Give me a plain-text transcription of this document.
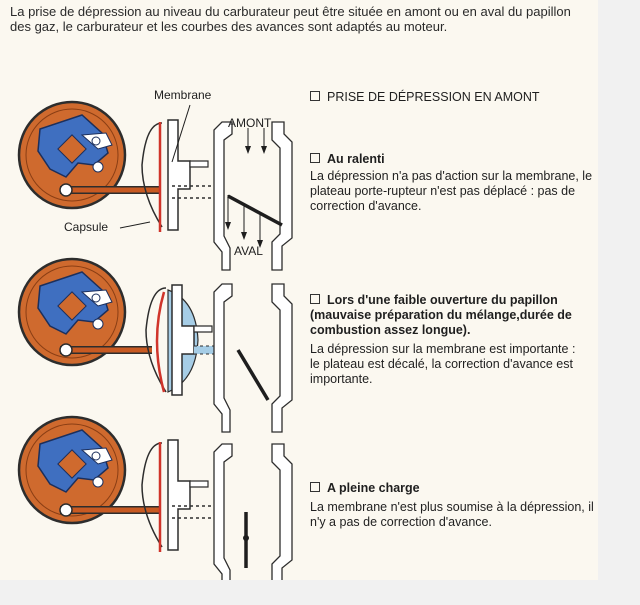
La prise de dépression au niveau du carburateur peut être située en amont ou en aval du papillon des gaz, le carburateur et les courbes des avances sont adaptés au moteur.

Membrane
AMONT
Capsule
AVAL
PRISE DE DÉPRESSION EN AMONT

Au ralenti

La dépression n'a pas d'action sur la membrane, le plateau porte-rupteur n'est pas déplacé : pas de correction d'avance.

Lors d'une faible ouverture du papillon (mauvaise préparation du mélange,durée de combustion assez longue).

La dépression sur la membrane est importante :
le plateau est décalé, la correction d'avance est importante.

A pleine charge

La membrane n'est plus soumise à la dépression, il n'y a pas de correction d'avance.
